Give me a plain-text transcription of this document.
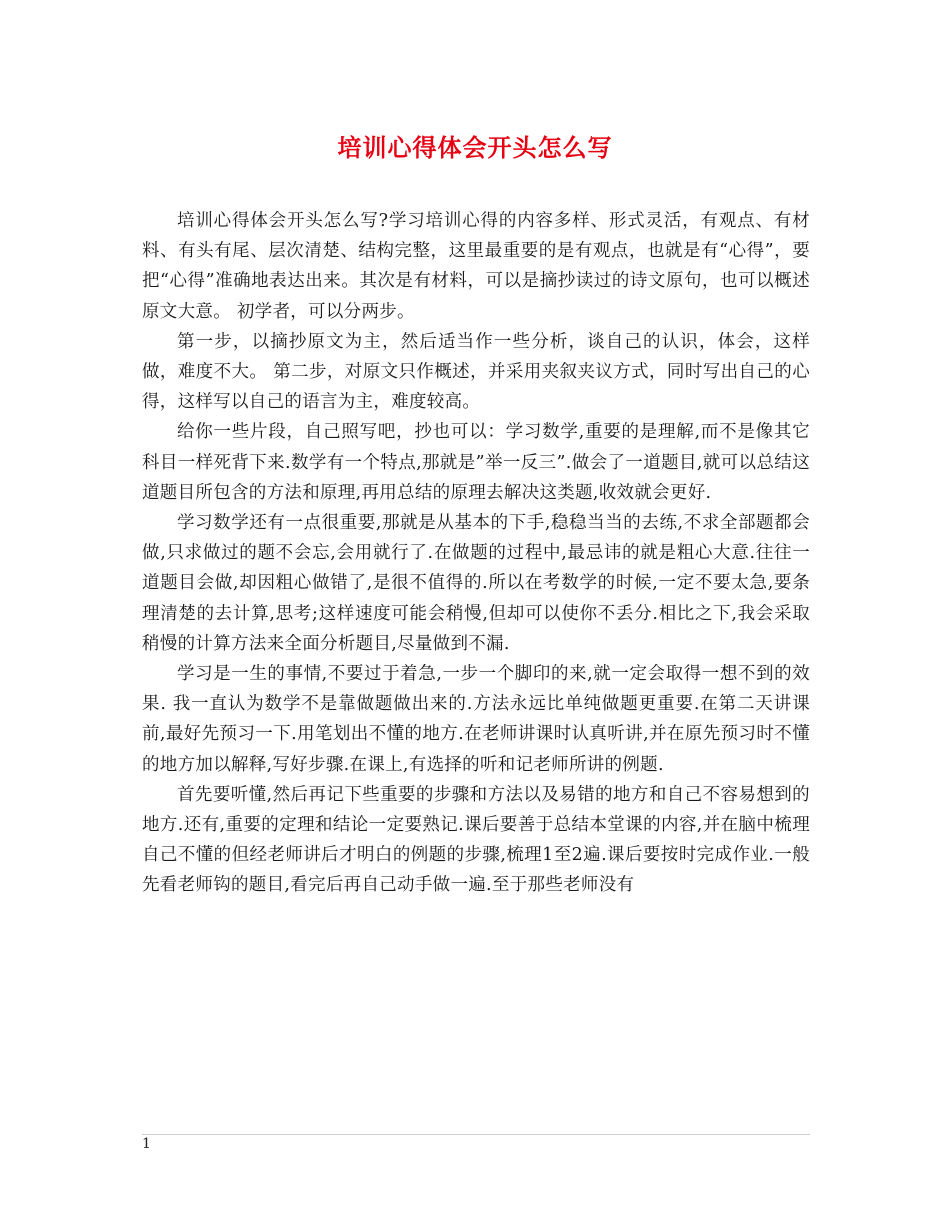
培训心得体会开头怎么写

培训心得体会开头怎么写?学习培训心得的内容多样、形式灵活，有观点、有材料、有头有尾、层次清楚、结构完整，这里最重要的是有观点，也就是有“心得”，要把“心得”准确地表达出来。其次是有材料，可以是摘抄读过的诗文原句，也可以概述原文大意。 初学者，可以分两步。

第一步，以摘抄原文为主，然后适当作一些分析，谈自己的认识，体会，这样做，难度不大。 第二步，对原文只作概述，并采用夹叙夹议方式，同时写出自己的心得，这样写以自己的语言为主，难度较高。

给你一些片段，自己照写吧，抄也可以：学习数学,重要的是理解,而不是像其它科目一样死背下来.数学有一个特点,那就是”举一反三”.做会了一道题目,就可以总结这道题目所包含的方法和原理,再用总结的原理去解决这类题,收效就会更好.

学习数学还有一点很重要,那就是从基本的下手,稳稳当当的去练,不求全部题都会做,只求做过的题不会忘,会用就行了.在做题的过程中,最忌讳的就是粗心大意.往往一道题目会做,却因粗心做错了,是很不值得的.所以在考数学的时候,一定不要太急,要条理清楚的去计算,思考;这样速度可能会稍慢,但却可以使你不丢分.相比之下,我会采取稍慢的计算方法来全面分析题目,尽量做到不漏.

学习是一生的事情,不要过于着急,一步一个脚印的来,就一定会取得一想不到的效果. 我一直认为数学不是靠做题做出来的.方法永远比单纯做题更重要.在第二天讲课前,最好先预习一下.用笔划出不懂的地方.在老师讲课时认真听讲,并在原先预习时不懂的地方加以解释,写好步骤.在课上,有选择的听和记老师所讲的例题.

首先要听懂,然后再记下些重要的步骤和方法以及易错的地方和自己不容易想到的地方.还有,重要的定理和结论一定要熟记.课后要善于总结本堂课的内容,并在脑中梳理自己不懂的但经老师讲后才明白的例题的步骤,梳理1至2遍.课后要按时完成作业.一般先看老师钩的题目,看完后再自己动手做一遍.至于那些老师没有

1
